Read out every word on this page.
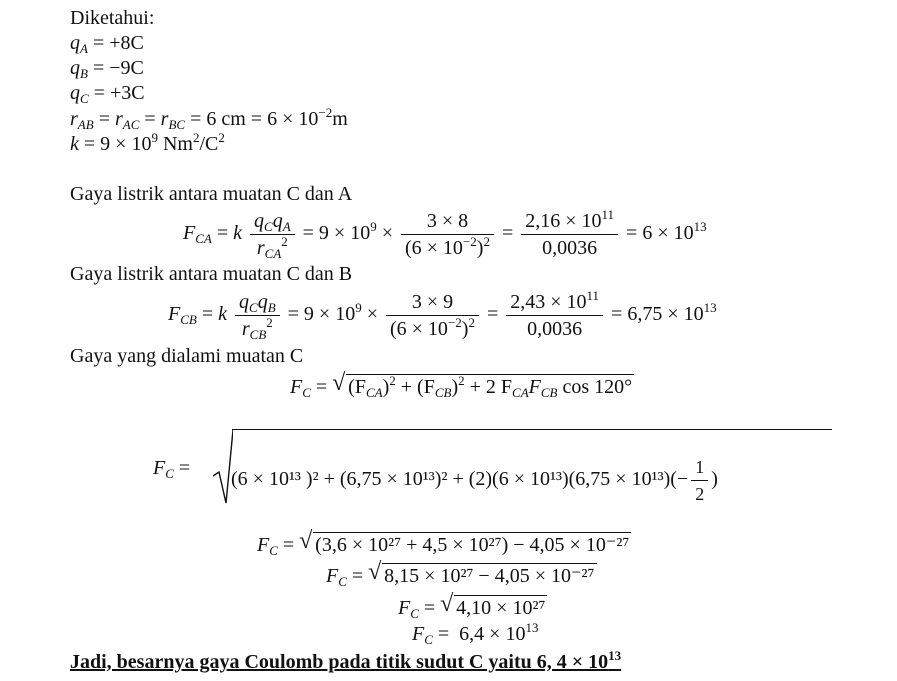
Diketahui:
$q_A = +8C$
$q_B = -9C$
$q_C = +3C$
$r_{AB} = r_{AC} = r_{BC} = 6$ cm = $6 \times 10^{-2}m$
$k = 9 \times 10^9$ $Nm^2/C^2$
Gaya listrik antara muatan C dan A
$F_{CA} = k \frac{q_Cq_A}{r_{CA}^2} = 9 \times 10^9 \times \frac{3 \times 8}{(6 \times 10^{-2})^2} = \frac{2,16 \times 10^{11}}{0,0036} = 6 \times 10^{13}$
Gaya listrik antara muatan C dan B
$F_{CB} = k \frac{q_Cq_B}{r_{CB}^2} = 9 \times 10^9 \times \frac{3 \times 9}{(6 \times 10^{-2})^2} = \frac{2,43 \times 10^{11}}{0,0036} = 6,75 \times 10^{13}$
Gaya yang dialami muatan C
$F_C$ = √ $(F_{CA})^2 + (F_{CB})^2 + 2$ $F_{CA}F_{CB}$ cos 120°
$F_C$ =
(6 × 10¹³ )$^2 + (6,75 \times 10^{13})^2 + (2)(6 \times 10^{13})(6,75 \times 10^{13})(- \frac{1}{2}$ )
$F_C$ = √ (3,6 × 10²⁷ + 4,5 × 10²⁷) − 4,05 × 10⁻²⁷
$F_C$ = √ 8,15 × 10²⁷ − 4,05 × 10⁻²⁷
$F_C$ = √ 4,10 × 10²⁷
$F_C = 6,4 \times 10^{13}$
Jadi, besarnya gaya Coulomb pada titik sudut C yaitu 6, $4 \times 10^{13}$
